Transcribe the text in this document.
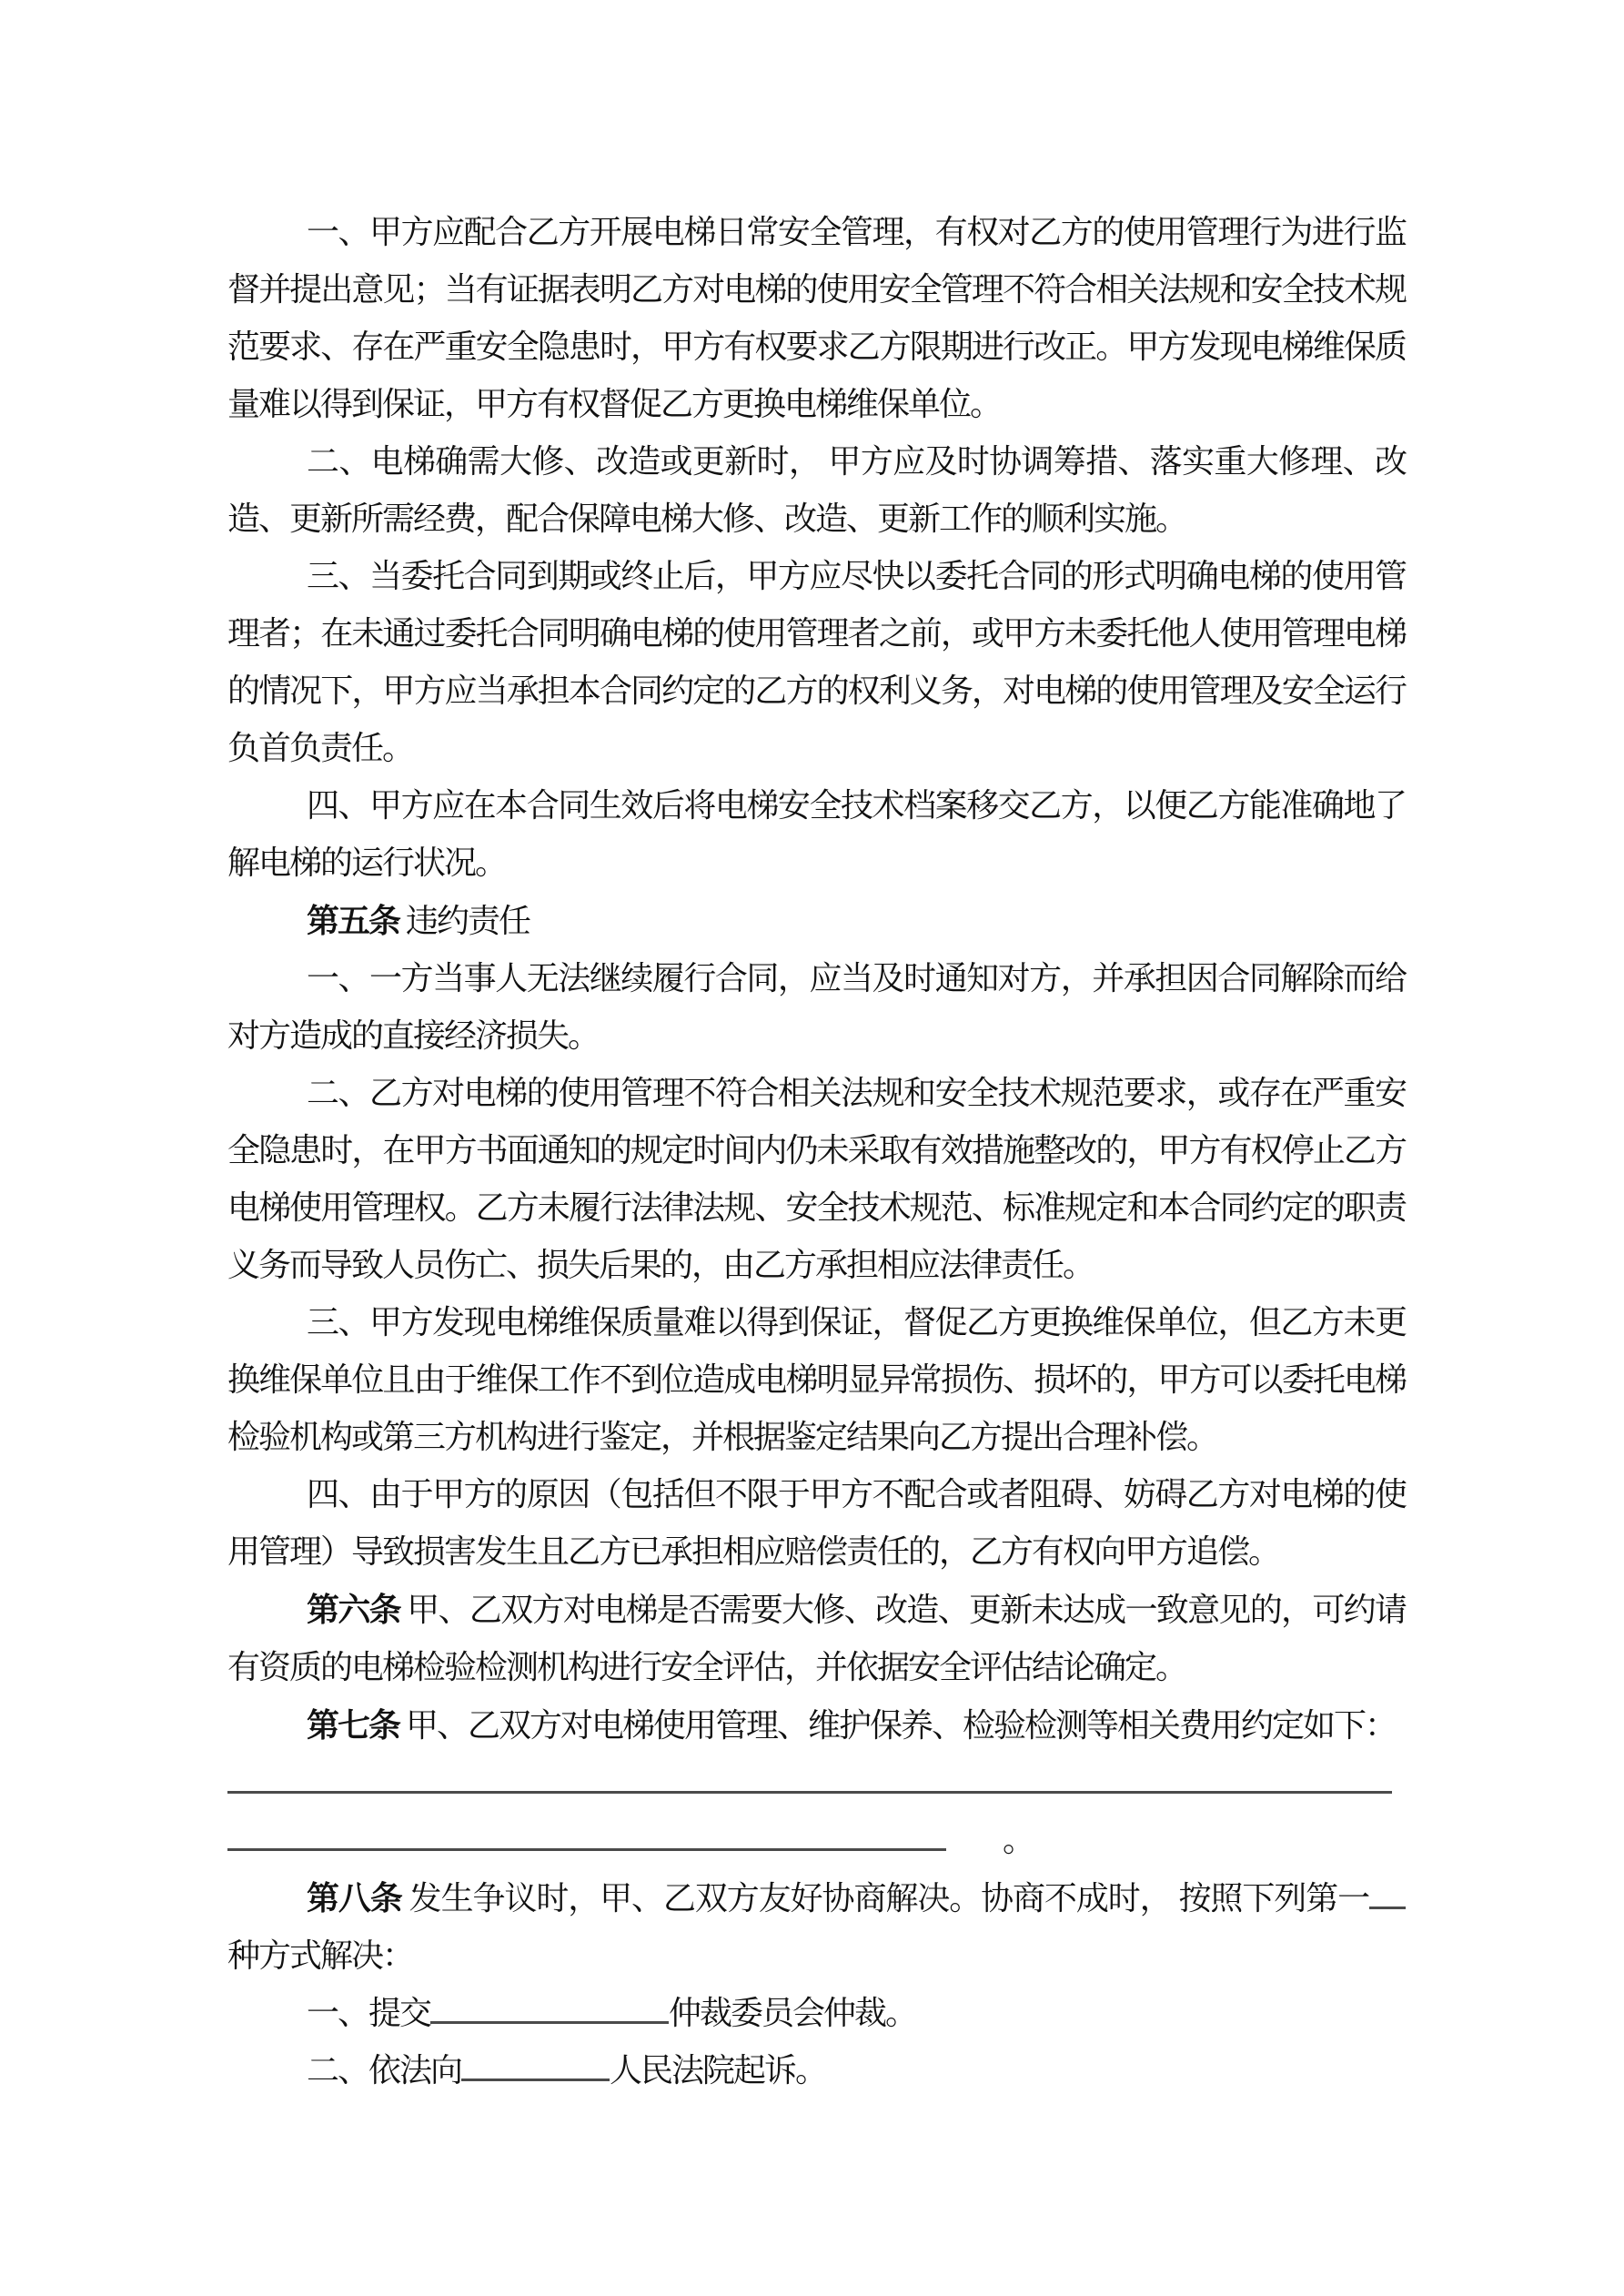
一、甲方应配合乙方开展电梯日常安全管理，有权对乙方的使用管理行为进行监督并提出意见；当有证据表明乙方对电梯的使用安全管理不符合相关法规和安全技术规范要求、存在严重安全隐患时，甲方有权要求乙方限期进行改正。甲方发现电梯维保质量难以得到保证，甲方有权督促乙方更换电梯维保单位。

二、电梯确需大修、改造或更新时， 甲方应及时协调筹措、落实重大修理、改造、更新所需经费，配合保障电梯大修、改造、更新工作的顺利实施。

三、当委托合同到期或终止后，甲方应尽快以委托合同的形式明确电梯的使用管理者；在未通过委托合同明确电梯的使用管理者之前，或甲方未委托他人使用管理电梯的情况下，甲方应当承担本合同约定的乙方的权利义务，对电梯的使用管理及安全运行负首负责任。

四、甲方应在本合同生效后将电梯安全技术档案移交乙方，以便乙方能准确地了解电梯的运行状况。

第五条 违约责任

一、一方当事人无法继续履行合同，应当及时通知对方，并承担因合同解除而给对方造成的直接经济损失。

二、乙方对电梯的使用管理不符合相关法规和安全技术规范要求，或存在严重安全隐患时，在甲方书面通知的规定时间内仍未采取有效措施整改的，甲方有权停止乙方电梯使用管理权。乙方未履行法律法规、安全技术规范、标准规定和本合同约定的职责义务而导致人员伤亡、损失后果的，由乙方承担相应法律责任。

三、甲方发现电梯维保质量难以得到保证，督促乙方更换维保单位，但乙方未更换维保单位且由于维保工作不到位造成电梯明显异常损伤、损坏的，甲方可以委托电梯检验机构或第三方机构进行鉴定，并根据鉴定结果向乙方提出合理补偿。

四、由于甲方的原因（包括但不限于甲方不配合或者阻碍、妨碍乙方对电梯的使用管理）导致损害发生且乙方已承担相应赔偿责任的，乙方有权向甲方追偿。

第六条 甲、乙双方对电梯是否需要大修、改造、更新未达成一致意见的，可约请有资质的电梯检验检测机构进行安全评估，并依据安全评估结论确定。

第七条 甲、乙双方对电梯使用管理、维护保养、检验检测等相关费用约定如下：

。

第八条 发生争议时，甲、乙双方友好协商解决。协商不成时， 按照下列第一种方式解决：

一、提交	仲裁委员会仲裁。

二、依法向	人民法院起诉。
